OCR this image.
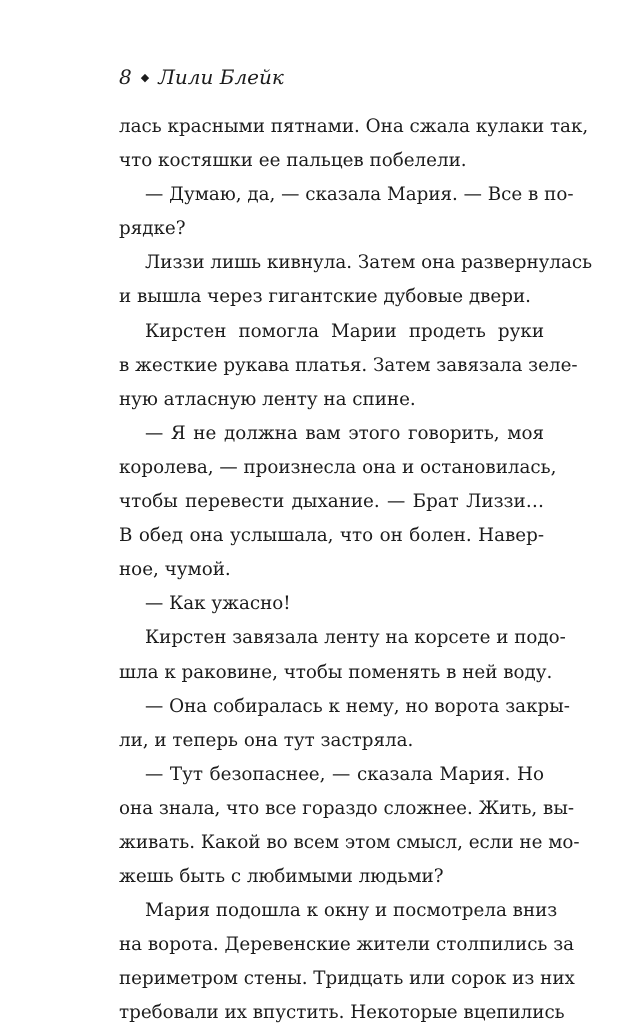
8 ◆ Лили Блейк
лась красными пятнами. Она сжала кулаки так,
что костяшки ее пальцев побелели.
— Думаю, да, — сказала Мария. — Все в по-
рядке?
Лиззи лишь кивнула. Затем она развернулась
и вышла через гигантские дубовые двери.
Кирстен помогла Марии продеть руки
в жесткие рукава платья. Затем завязала зеле-
ную атласную ленту на спине.
— Я не должна вам этого говорить, моя
королева, — произнесла она и остановилась,
чтобы перевести дыхание. — Брат Лиззи…
В обед она услышала, что он болен. Навер-
ное, чумой.
— Как ужасно!
Кирстен завязала ленту на корсете и подо-
шла к раковине, чтобы поменять в ней воду.
— Она собиралась к нему, но ворота закры-
ли, и теперь она тут застряла.
— Тут безопаснее, — сказала Мария. Но
она знала, что все гораздо сложнее. Жить, вы-
живать. Какой во всем этом смысл, если не мо-
жешь быть с любимыми людьми?
Мария подошла к окну и посмотрела вниз
на ворота. Деревенские жители столпились за
периметром стены. Тридцать или сорок из них
требовали их впустить. Некоторые вцепились
